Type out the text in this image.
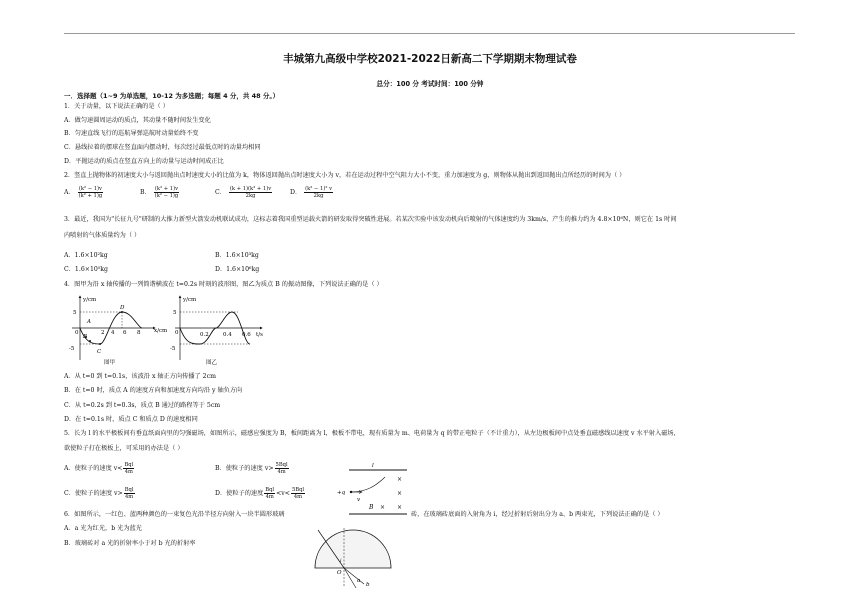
丰城第九高级中学校2021-2022日新高二下学期期末物理试卷
总分：100 分 考试时间：100 分钟
一．选择题（1~9 为单选题，10-12 为多选题；每题 4 分，共 48 分。）
1．关于动量，以下说法正确的是（ ）
A．做匀速圆周运动的质点，其动量不随时间发生变化
B．匀速直线飞行的巡航导弹巡航时动量始终不变
C．悬线拉着的摆球在竖直面内摆动时，每次经过最低点时的动量均相同
D．平抛运动的质点在竖直方向上的动量与运动时间成正比
2．竖直上抛物体的初速度大小与返回抛出点时速度大小的比值为 k，物体返回抛出点时速度大小为 v，若在运动过程中空气阻力大小不变，重力加速度为 g，则物体从抛出到返回抛出点所经历的时间为（ ）
A． $\frac{\text{(k² − 1)v}}{\text{(k² + 1)g}}$	B． $\frac{\text{(k² + 1)v}}{\text{(k² − 1)g}}$	C． $\frac{\text{(k + 1)(k² + 1)v}}{2kg}$	D． $\frac{\text{(k² − 1)² v}}{2kg}$
3．最近，我国为"长征九号"研制的大推力新型火箭发动机联试成功，这标志着我国重型运载火箭的研发取得突破性进展。若某次实验中该发动机向后喷射的气体速度约为 3km/s，产生的推力约为 4.8×10⁶N，则它在 1s 时间
内喷射的气体质量约为（ ）
A．1.6×10²kg	B．1.6×10³kg
C．1.6×10⁵kg	D．1.6×10⁶kg
4．图甲为沿 x 轴传播的一列简谐横波在 t=0.2s 时刻的波形图，图乙为质点 B 的振动图像，下列说法正确的是（ ）
y/cm
x/cm
5
-5
0	2 4 6 8
A
B
C
D
图甲
y/cm
t/s
5
-5
0	0.2	0.4 0.6
图乙
A．从 t=0 到 t=0.1s，该波沿 x 轴正方向传播了 2cm
B．在 t=0 时，质点 A 的速度方向和加速度方向均沿 y 轴负方向
C．从 t=0.2s 到 t=0.3s，质点 B 通过的路程等于 5cm
D．在 t=0.1s 时，质点 C 和质点 D 的速度相同
5．长为 l 的水平极板间有垂直纸面向里的匀强磁场，如图所示，磁感应强度为 B，板间距离为 l，极板不带电，现有质量为 m、电荷量为 q 的带正电粒子（不计重力），从左边极板间中点处垂直磁感线以速度 v 水平射入磁场，
欲使粒子打在极板上，可采用的办法是（ ）
A．使粒子的速度 $v< \frac{\text{Bql}}{4m}$	B．使粒子的速度 $v> \frac{\text{5Bql}}{4m}$
C．使粒子的速度 $v> \frac{\text{Bql}}{4m}$	D．使粒子的速度 $\frac{\text{Bql}}{4m} <v< \frac{\text{5Bql}}{4m}$
l
×
×
×
×
+q
v
B
6．如图所示，一红色、蓝两种颜色的一束复色光沿半径方向射入一块半圆形玻璃	砖，在玻璃砖底面的入射角为 i，经过折射后射出分为 a、b 两束光，下列说法正确的是（ ）
A．a 光为红光，b 光为蓝光
B．玻璃砖对 a 光的折射率小于对 b 光的折射率
O
i
a
b
